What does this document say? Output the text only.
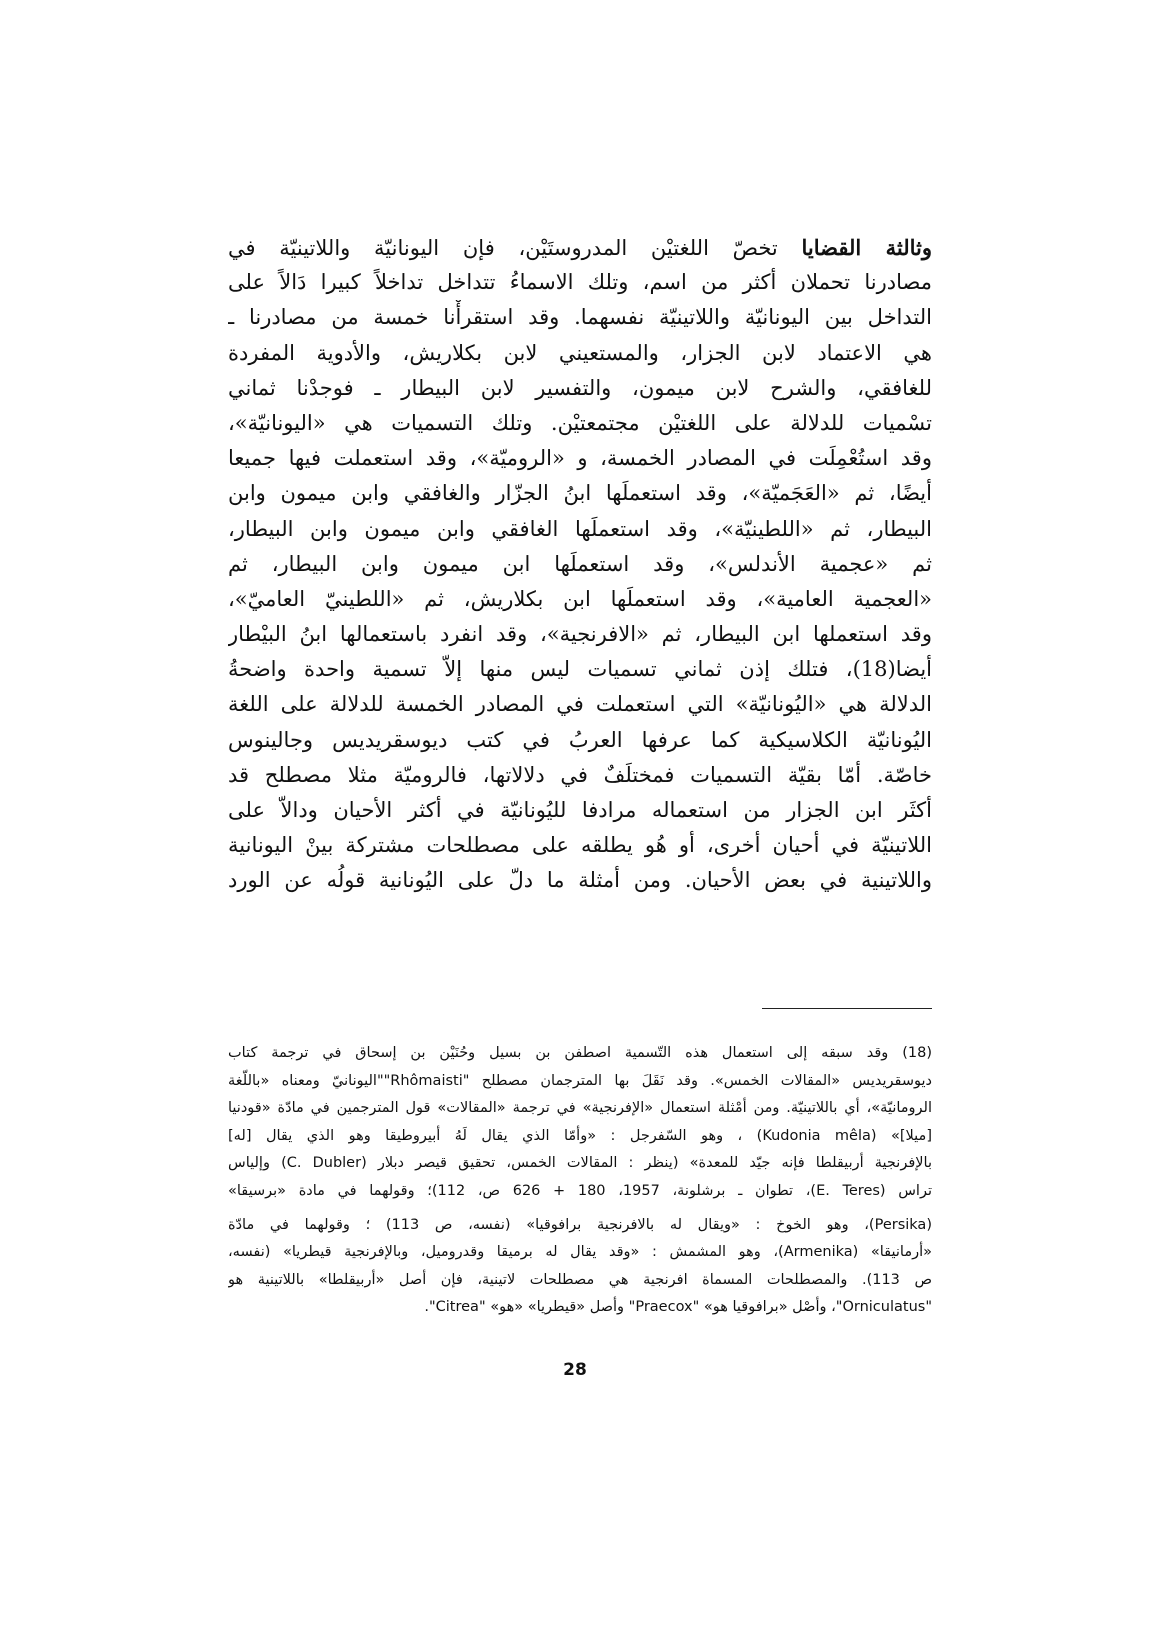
وثالثة القضايا تخصّ اللغتيْن المدروستَيْن، فإن اليونانيّة واللاتينيّة في
مصادرنا تحملان أكثر من اسم، وتلك الاسماءُ تتداخل تداخلاً كبيرا دَالاً على
التداخل بين اليونانيّة واللاتينيّة نفسهما. وقد استقرأْنا خمسة من مصادرنا ـ
هي الاعتماد لابن الجزار، والمستعيني لابن بكلاريش، والأدوية المفردة
للغافقي، والشرح لابن ميمون، والتفسير لابن البيطار ـ فوجدْنا ثماني
تسْميات للدلالة على اللغتيْن مجتمعتيْن. وتلك التسميات هي «اليونانيّة»،
وقد استُعْمِلَت في المصادر الخمسة، و «الروميّة»، وقد استعملت فيها جميعا
أيضًا، ثم «العَجَميّة»، وقد استعملَها ابنُ الجزّار والغافقي وابن ميمون وابن
البيطار، ثم «اللطينيّة»، وقد استعملَها الغافقي وابن ميمون وابن البيطار،
ثم «عجمية الأندلس»، وقد استعملَها ابن ميمون وابن البيطار، ثم
«العجمية العامية»، وقد استعملَها ابن بكلاريش، ثم «اللطينيّ العاميّ»،
وقد استعملها ابن البيطار، ثم «الافرنجية»، وقد انفرد باستعمالها ابنُ البيْطار
أيضا(18)، فتلك إذن ثماني تسميات ليس منها إلاّ تسمية واحدة واضحةُ
الدلالة هي «اليُونانيّة» التي استعملت في المصادر الخمسة للدلالة على اللغة
اليُونانيّة الكلاسيكية كما عرفها العربُ في كتب ديوسقريديس وجالينوس
خاصّة. أمّا بقيّة التسميات فمختلَفٌ في دلالاتها، فالروميّة مثلا مصطلح قد
أكثَر ابن الجزار من استعماله مرادفا لليُونانيّة في أكثر الأحيان ودالاّ على
اللاتينيّة في أحيان أخرى، أو هُو يطلقه على مصطلحات مشتركة بينْ اليونانية
واللاتينية في بعض الأحيان. ومن أمثلة ما دلّ على اليُونانية قولُه عن الورد
(18) وقد سبقه إلى استعمال هذه التّسمية اصطفن بن بسيل وحُنَيْن بن إسحاق في ترجمة كتاب
ديوسقريديس «المقالات الخمس». وقد نَقَلَ بها المترجمان مصطلح "Rhômaisti""اليونانيّ ومعناه «باللّغة
الرومانيّة»، أي باللاتينيّة. ومن أمْثلة استعمال «الإفرنجية» في ترجمة «المقالات» قول المترجمين في مادّة «قودنيا
[ميلا]» (Kudonia mêla) ، وهو السّفرجل : «وأمّا الذي يقال لَهُ أبيروطيقا وهو الذي يقال [له]
بالإفرنجية أربيقلطا فإنه جيّد للمعدة» (ينظر : المقالات الخمس، تحقيق قيصر دبلار (C. Dubler) وإلياس
تراس (E. Teres)، تطوان ـ برشلونة، 1957، 180 + 626 ص، 112)؛ وقولهما في مادة «برسيقا»
(Persika)، وهو الخوخ : «ويقال له بالافرنجية برافوقيا» (نفسه، ص 113) ؛ وقولهما في مادّة
«أرمانيقا» (Armenika)، وهو المشمش : «وقد يقال له برميقا وقدروميل، وبالإفرنجية قيطريا» (نفسه،
ص 113). والمصطلحات المسماة افرنجية هي مصطلحات لاتينية، فإن أصل «أربيقلطا» باللاتينية هو
"Orniculatus"، وأصْل «برافوقيا هو» "Praecox" وأصل «قيطريا» «هو» "Citrea".
28
